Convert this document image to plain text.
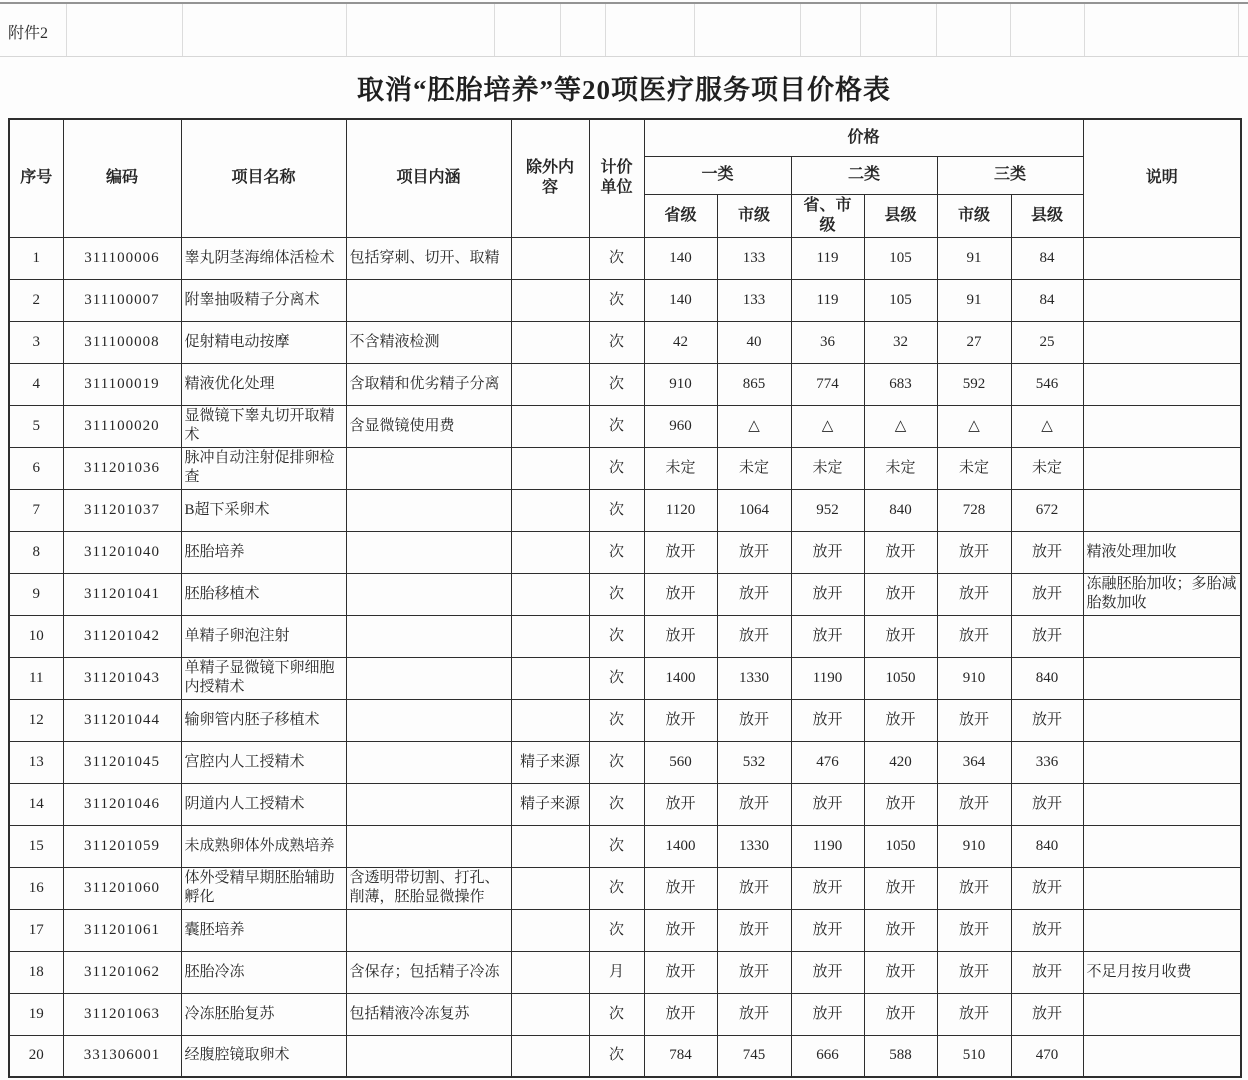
附件2
取消“胚胎培养”等20项医疗服务项目价格表
序号	编码	项目名称	项目内涵	除外内容	计价单位	价格						说明
						一类		二类		三类		
						省级	市级	省、市级	县级	市级	县级	
1	311100006	睾丸阴茎海绵体活检术	包括穿刺、切开、取精		次	140	133	119	105	91	84	
2	311100007	附睾抽吸精子分离术			次	140	133	119	105	91	84	
3	311100008	促射精电动按摩	不含精液检测		次	42	40	36	32	27	25	
4	311100019	精液优化处理	含取精和优劣精子分离		次	910	865	774	683	592	546	
5	311100020	显微镜下睾丸切开取精术	含显微镜使用费		次	960	△	△	△	△	△	
6	311201036	脉冲自动注射促排卵检查			次	未定	未定	未定	未定	未定	未定	
7	311201037	B超下采卵术			次	1120	1064	952	840	728	672	
8	311201040	胚胎培养			次	放开	放开	放开	放开	放开	放开	精液处理加收
9	311201041	胚胎移植术			次	放开	放开	放开	放开	放开	放开	冻融胚胎加收；多胎减胎数加收
10	311201042	单精子卵泡注射			次	放开	放开	放开	放开	放开	放开	
11	311201043	单精子显微镜下卵细胞内授精术			次	1400	1330	1190	1050	910	840	
12	311201044	输卵管内胚子移植术			次	放开	放开	放开	放开	放开	放开	
13	311201045	宫腔内人工授精术		精子来源	次	560	532	476	420	364	336	
14	311201046	阴道内人工授精术		精子来源	次	放开	放开	放开	放开	放开	放开	
15	311201059	未成熟卵体外成熟培养			次	1400	1330	1190	1050	910	840	
16	311201060	体外受精早期胚胎辅助孵化	含透明带切割、打孔、削薄，胚胎显微操作		次	放开	放开	放开	放开	放开	放开	
17	311201061	囊胚培养			次	放开	放开	放开	放开	放开	放开	
18	311201062	胚胎冷冻	含保存；包括精子冷冻		月	放开	放开	放开	放开	放开	放开	不足月按月收费
19	311201063	冷冻胚胎复苏	包括精液冷冻复苏		次	放开	放开	放开	放开	放开	放开	
20	331306001	经腹腔镜取卵术			次	784	745	666	588	510	470	
